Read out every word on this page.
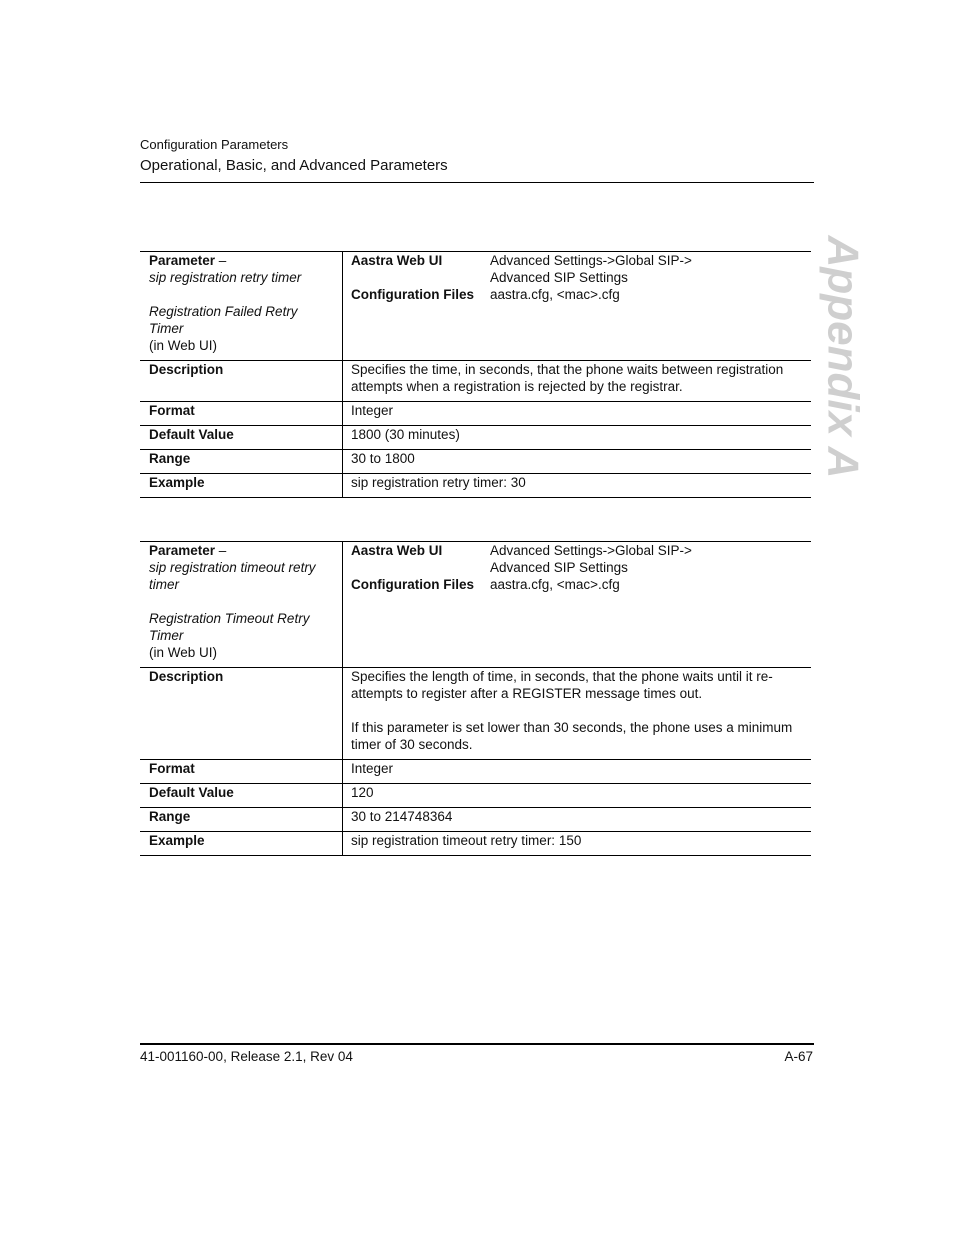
Configuration Parameters
Operational, Basic, and Advanced Parameters
Appendix A
Parameter –
sip registration retry timer

Registration Failed Retry
Timer
(in Web UI)	
Aastra Web UI	Advanced Settings->Global SIP->
Advanced SIP Settings
Configuration Files	aastra.cfg, <mac>.cfg

Description	Specifies the time, in seconds, that the phone waits between registration attempts when a registration is rejected by the registrar.
Format	Integer
Default Value	1800 (30 minutes)
Range	30 to 1800
Example	sip registration retry timer: 30
Parameter –
sip registration timeout retry
timer

Registration Timeout Retry
Timer
(in Web UI)	
Aastra Web UI	Advanced Settings->Global SIP->
Advanced SIP Settings
Configuration Files	aastra.cfg, <mac>.cfg

Description	Specifies the length of time, in seconds, that the phone waits until it re-attempts to register after a REGISTER message times out.
If this parameter is set lower than 30 seconds, the phone uses a minimum timer of 30 seconds.

Format	Integer
Default Value	120
Range	30 to 214748364
Example	sip registration timeout retry timer: 150
41-001160-00, Release 2.1, Rev 04	A-67
